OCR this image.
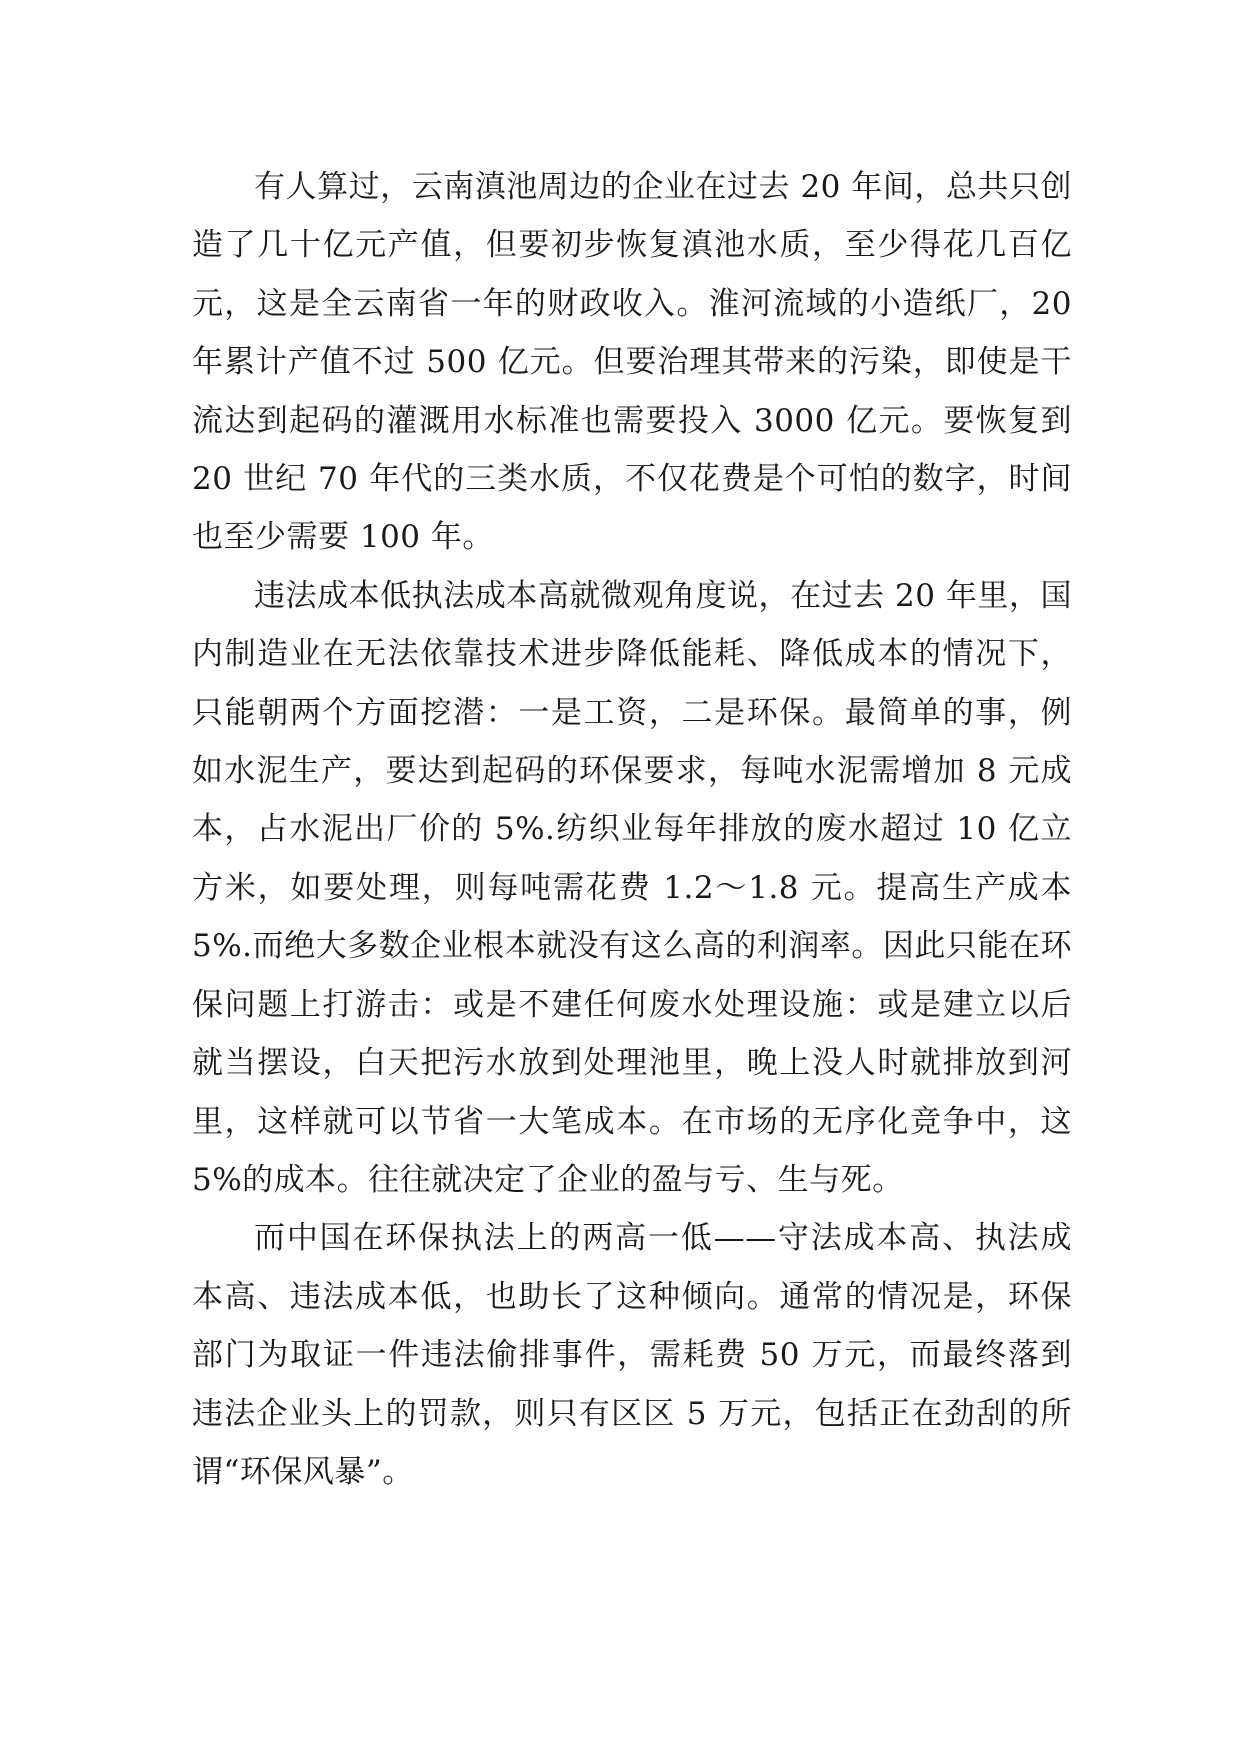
有人算过，云南滇池周边的企业在过去 20 年间，总共只创造了几十亿元产值，但要初步恢复滇池水质，至少得花几百亿元，这是全云南省一年的财政收入。淮河流域的小造纸厂，20 年累计产值不过 500 亿元。但要治理其带来的污染，即使是干流达到起码的灌溉用水标准也需要投入 3000 亿元。要恢复到 20 世纪 70 年代的三类水质，不仅花费是个可怕的数字，时间也至少需要 100 年。

违法成本低执法成本高就微观角度说，在过去 20 年里，国内制造业在无法依靠技术进步降低能耗、降低成本的情况下，只能朝两个方面挖潜：一是工资，二是环保。最简单的事，例如水泥生产，要达到起码的环保要求，每吨水泥需增加 8 元成本，占水泥出厂价的 5%.纺织业每年排放的废水超过 10 亿立方米，如要处理，则每吨需花费 1.2～1.8 元。提高生产成本 5%.而绝大多数企业根本就没有这么高的利润率。因此只能在环保问题上打游击：或是不建任何废水处理设施：或是建立以后就当摆设，白天把污水放到处理池里，晚上没人时就排放到河里，这样就可以节省一大笔成本。在市场的无序化竞争中，这 5%的成本。往往就决定了企业的盈与亏、生与死。

而中国在环保执法上的两高一低——守法成本高、执法成本高、违法成本低，也助长了这种倾向。通常的情况是，环保部门为取证一件违法偷排事件，需耗费 50 万元，而最终落到违法企业头上的罚款，则只有区区 5 万元，包括正在劲刮的所谓“环保风暴”。
